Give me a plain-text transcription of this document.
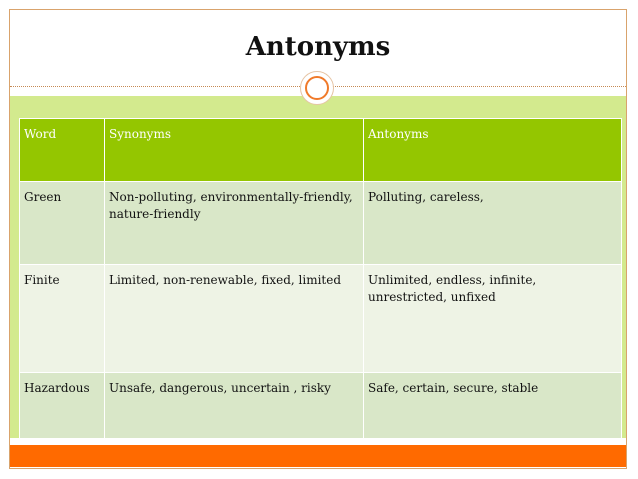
Antonyms
Word	Synonyms	Antonyms
Green	Non-polluting, environmentally-friendly, nature-friendly	Polluting, careless,
Finite	Limited, non-renewable, fixed, limited	Unlimited, endless, infinite, unrestricted, unfixed
Hazardous	Unsafe, dangerous, uncertain , risky	Safe, certain, secure, stable
